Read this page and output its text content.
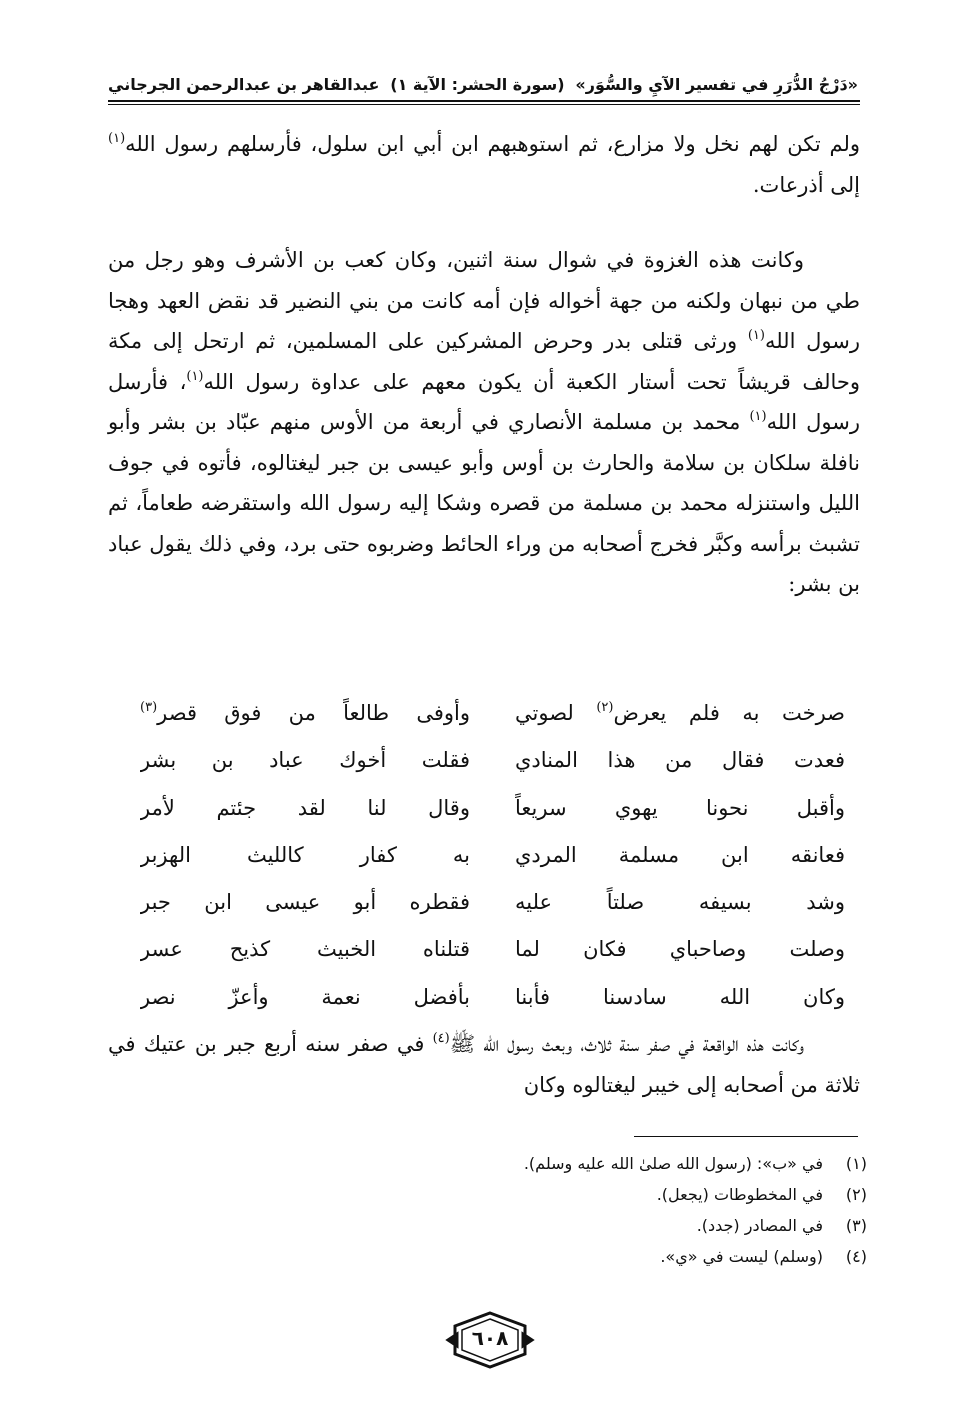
«دَرْجُ الدُّرَرِ في تفسير الآيِ والسُّوَر»
(سورة الحشر: الآية ١)
عبدالقاهر بن عبدالرحمن الجرجاني

ولم تكن لهم نخل ولا مزارع، ثم استوهبهم ابن أبي ابن سلول، فأرسلهم رسول الله$^{(١)}$ إلى أذرعات.

وكانت هذه الغزوة في شوال سنة اثنين، وكان كعب بن الأشرف وهو رجل من طي من نبهان ولكنه من جهة أخواله فإن أمه كانت من بني النضير قد نقض العهد وهجا رسول الله$^{(١)}$ ورثى قتلى بدر وحرض المشركين على المسلمين، ثم ارتحل إلى مكة وحالف قريشاً تحت أستار الكعبة أن يكون معهم على عداوة رسول الله$^{(١)}$، فأرسل رسول الله$^{(١)}$ محمد بن مسلمة الأنصاري في أربعة من الأوس منهم عبّاد بن بشر وأبو نافلة سلكان بن سلامة والحارث بن أوس وأبو عيسى بن جبر ليغتالوه، فأتوه في جوف الليل واستنزله محمد بن مسلمة من قصره وشكا إليه رسول الله واستقرضه طعاماً، ثم تشبث برأسه وكبَّر فخرج أصحابه من وراء الحائط وضربوه حتى برد، وفي ذلك يقول عباد بن بشر:

صرخت به فلم يعرض$^{(٢)}$ لصوتي
وأوفى طالعاً من فوق قصر$^{(٣)}$
فعدت فقال من هذا المنادي
فقلت أخوك عباد بن بشر
وأقبل نحونا يهوي سريعاً
وقال لنا لقد جئتم لأمر
فعانقه ابن مسلمة المردي
به كفار كالليث الهزبر
وشد بسيفه صلتاً عليه
فقطره أبو عيسى ابن جبر
وصلت وصاحباي فكان لما
قتلناه الخبيث كذيح عسر
وكان الله سادسنا فأبنا
بأفضل نعمة وأعزّ نصر

وكانت هذه الواقعة في صفر سنة ثلاث، وبعث رسول الله ﷺ$^{(٤)}$ في صفر سنه أربع جبر بن عتيك في ثلاثة من أصحابه إلى خيبر ليغتالوه وكان

(١)في «ب»: (رسول الله صلىٰ الله عليه وسلم).
(٢)في المخطوطات (يجعل).
(٣)في المصادر (جدد).
(٤)(وسلم) ليست في «ي».
٦٠٨
